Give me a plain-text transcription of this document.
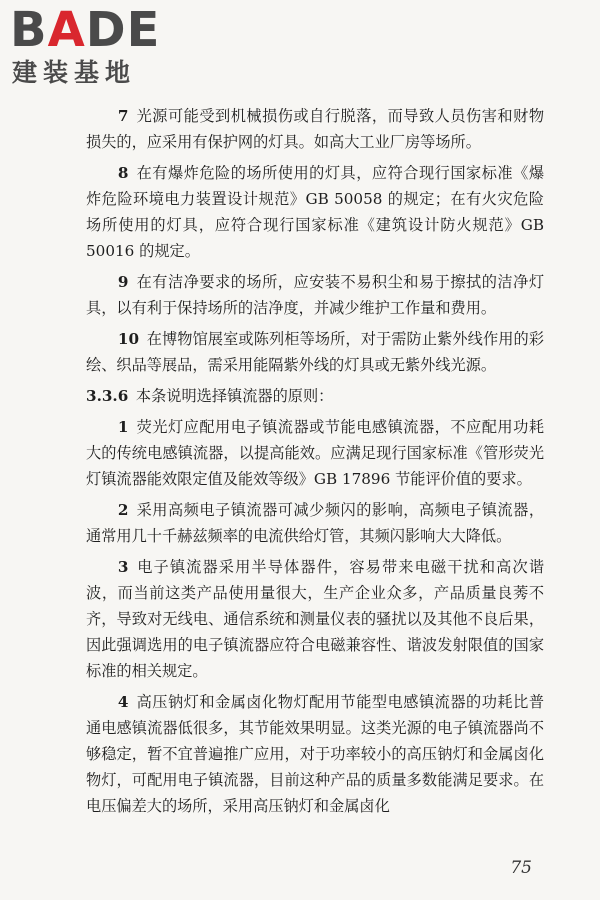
BADE
建装基地

7 光源可能受到机械损伤或自行脱落，而导致人员伤害和财物损失的，应采用有保护网的灯具。如高大工业厂房等场所。

8 在有爆炸危险的场所使用的灯具，应符合现行国家标准《爆炸危险环境电力装置设计规范》GB 50058 的规定；在有火灾危险场所使用的灯具，应符合现行国家标准《建筑设计防火规范》GB 50016 的规定。

9 在有洁净要求的场所，应安装不易积尘和易于擦拭的洁净灯具，以有利于保持场所的洁净度，并减少维护工作量和费用。

10 在博物馆展室或陈列柜等场所，对于需防止紫外线作用的彩绘、织品等展品，需采用能隔紫外线的灯具或无紫外线光源。

3.3.6 本条说明选择镇流器的原则：

1 荧光灯应配用电子镇流器或节能电感镇流器，不应配用功耗大的传统电感镇流器，以提高能效。应满足现行国家标准《管形荧光灯镇流器能效限定值及能效等级》GB 17896 节能评价值的要求。

2 采用高频电子镇流器可减少频闪的影响，高频电子镇流器，通常用几十千赫兹频率的电流供给灯管，其频闪影响大大降低。

3 电子镇流器采用半导体器件，容易带来电磁干扰和高次谐波，而当前这类产品使用量很大，生产企业众多，产品质量良莠不齐，导致对无线电、通信系统和测量仪表的骚扰以及其他不良后果，因此强调选用的电子镇流器应符合电磁兼容性、谐波发射限值的国家标准的相关规定。

4 高压钠灯和金属卤化物灯配用节能型电感镇流器的功耗比普通电感镇流器低很多，其节能效果明显。这类光源的电子镇流器尚不够稳定，暂不宜普遍推广应用，对于功率较小的高压钠灯和金属卤化物灯，可配用电子镇流器，目前这种产品的质量多数能满足要求。在电压偏差大的场所，采用高压钠灯和金属卤化

75
